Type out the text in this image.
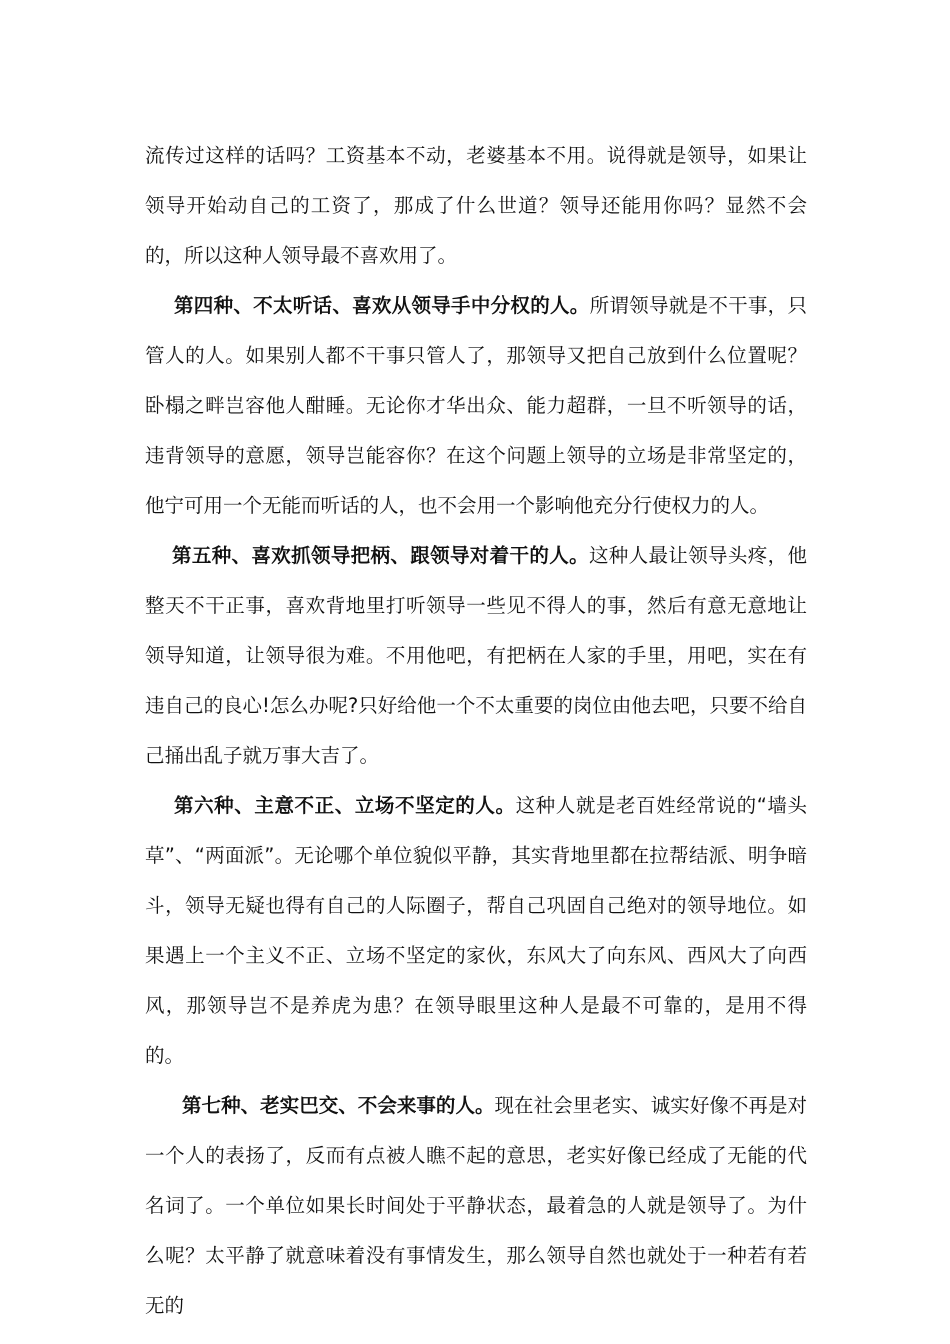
流传过这样的话吗？工资基本不动，老婆基本不用。说得就是领导，如果让领导开始动自己的工资了，那成了什么世道？领导还能用你吗？显然不会的，所以这种人领导最不喜欢用了。

第四种、不太听话、喜欢从领导手中分权的人。所谓领导就是不干事，只管人的人。如果别人都不干事只管人了，那领导又把自己放到什么位置呢？卧榻之畔岂容他人酣睡。无论你才华出众、能力超群，一旦不听领导的话，违背领导的意愿，领导岂能容你？在这个问题上领导的立场是非常坚定的，他宁可用一个无能而听话的人，也不会用一个影响他充分行使权力的人。

第五种、喜欢抓领导把柄、跟领导对着干的人。这种人最让领导头疼，他整天不干正事，喜欢背地里打听领导一些见不得人的事，然后有意无意地让领导知道，让领导很为难。不用他吧，有把柄在人家的手里，用吧，实在有违自己的良心!怎么办呢?只好给他一个不太重要的岗位由他去吧，只要不给自己捅出乱子就万事大吉了。

第六种、主意不正、立场不坚定的人。这种人就是老百姓经常说的“墙头草”、“两面派”。无论哪个单位貌似平静，其实背地里都在拉帮结派、明争暗斗，领导无疑也得有自己的人际圈子，帮自己巩固自己绝对的领导地位。如果遇上一个主义不正、立场不坚定的家伙，东风大了向东风、西风大了向西风，那领导岂不是养虎为患？在领导眼里这种人是最不可靠的，是用不得的。

第七种、老实巴交、不会来事的人。现在社会里老实、诚实好像不再是对一个人的表扬了，反而有点被人瞧不起的意思，老实好像已经成了无能的代名词了。一个单位如果长时间处于平静状态，最着急的人就是领导了。为什么呢？太平静了就意味着没有事情发生，那么领导自然也就处于一种若有若无的
